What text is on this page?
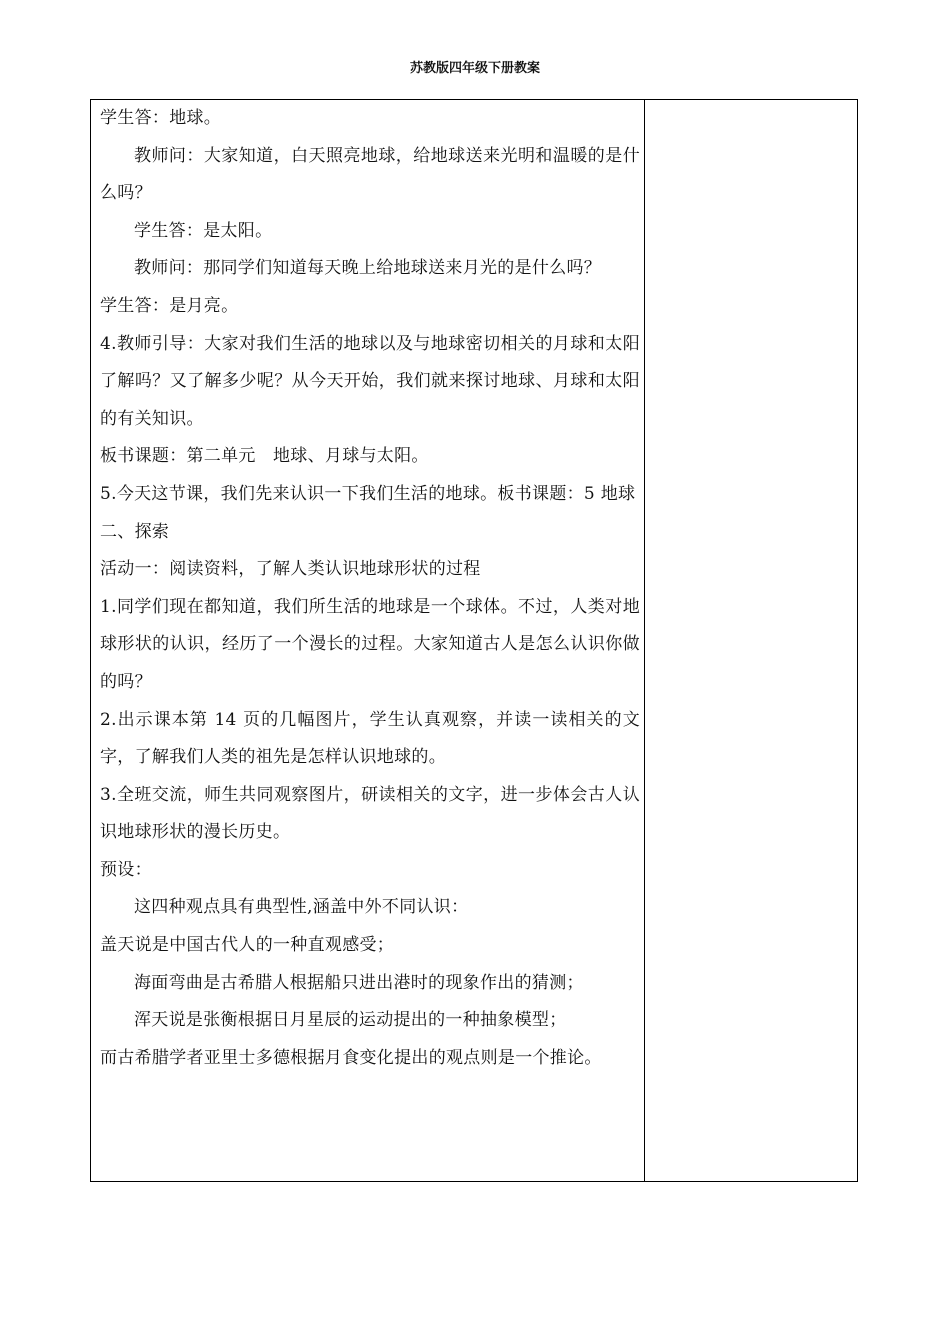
苏教版四年级下册教案

学生答：地球。

教师问：大家知道，白天照亮地球，给地球送来光明和温暖的是什么吗？

学生答：是太阳。

教师问：那同学们知道每天晚上给地球送来月光的是什么吗？

学生答：是月亮。

4.教师引导：大家对我们生活的地球以及与地球密切相关的月球和太阳了解吗？又了解多少呢？从今天开始，我们就来探讨地球、月球和太阳的有关知识。

板书课题：第二单元　地球、月球与太阳。

5.今天这节课，我们先来认识一下我们生活的地球。板书课题：5 地球

二、探索

活动一：阅读资料，了解人类认识地球形状的过程

1.同学们现在都知道，我们所生活的地球是一个球体。不过，人类对地球形状的认识，经历了一个漫长的过程。大家知道古人是怎么认识你做的吗？

2.出示课本第 14 页的几幅图片，学生认真观察，并读一读相关的文字，了解我们人类的祖先是怎样认识地球的。

3.全班交流，师生共同观察图片，研读相关的文字，进一步体会古人认识地球形状的漫长历史。

预设：

这四种观点具有典型性,涵盖中外不同认识：

盖天说是中国古代人的一种直观感受；

海面弯曲是古希腊人根据船只进出港时的现象作出的猜测；

浑天说是张衡根据日月星辰的运动提出的一种抽象模型；

而古希腊学者亚里士多德根据月食变化提出的观点则是一个推论。
